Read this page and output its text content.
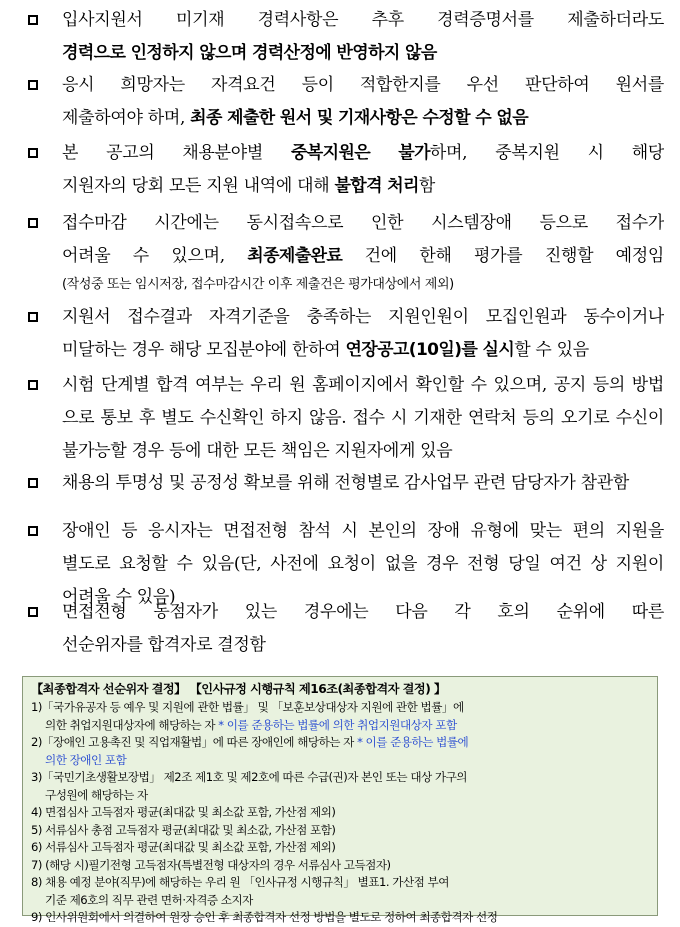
입사지원서 미기재 경력사항은 추후 경력증명서를 제출하더라도
경력으로 인정하지 않으며 경력산정에 반영하지 않음
응시 희망자는 자격요건 등이 적합한지를 우선 판단하여 원서를
제출하여야 하며, 최종 제출한 원서 및 기재사항은 수정할 수 없음
본 공고의 채용분야별 중복지원은 불가하며, 중복지원 시 해당
지원자의 당회 모든 지원 내역에 대해 불합격 처리함
접수마감 시간에는 동시접속으로 인한 시스템장애 등으로 접수가
어려울 수 있으며, 최종제출완료 건에 한해 평가를 진행할 예정임
(작성중 또는 임시저장, 접수마감시간 이후 제출건은 평가대상에서 제외)
지원서 접수결과 자격기준을 충족하는 지원인원이 모집인원과 동수이거나
미달하는 경우 해당 모집분야에 한하여 연장공고(10일)를 실시할 수 있음
시험 단계별 합격 여부는 우리 원 홈페이지에서 확인할 수 있으며, 공지 등의 방법
으로 통보 후 별도 수신확인 하지 않음. 접수 시 기재한 연락처 등의 오기로 수신이
불가능할 경우 등에 대한 모든 책임은 지원자에게 있음
채용의 투명성 및 공정성 확보를 위해 전형별로 감사업무 관련 담당자가 참관함
장애인 등 응시자는 면접전형 참석 시 본인의 장애 유형에 맞는 편의 지원을
별도로 요청할 수 있음(단, 사전에 요청이 없을 경우 전형 당일 여건 상 지원이
어려울 수 있음)
면접전형 동점자가 있는 경우에는 다음 각 호의 순위에 따른
선순위자를 합격자로 결정함
【최종합격자 선순위자 결정】 【인사규정 시행규칙 제16조(최종합격자 결정) 】
1)「국가유공자 등 예우 및 지원에 관한 법률」 및 「보훈보상대상자 지원에 관한 법률」에
의한 취업지원대상자에 해당하는 자 * 이를 준용하는 법률에 의한 취업지원대상자 포함
2)「장애인 고용촉진 및 직업재활법」에 따른 장애인에 해당하는 자 * 이를 준용하는 법률에
의한 장애인 포함
3)「국민기초생활보장법」 제2조 제1호 및 제2호에 따른 수급(권)자 본인 또는 대상 가구의
구성원에 해당하는 자
4) 면접심사 고득점자 평균(최대값 및 최소값 포함, 가산점 제외)
5) 서류심사 총점 고득점자 평균(최대값 및 최소값, 가산점 포함)
6) 서류심사 고득점자 평균(최대값 및 최소값 포함, 가산점 제외)
7) (해당 시)필기전형 고득점자(특별전형 대상자의 경우 서류심사 고득점자)
8) 채용 예정 분야(직무)에 해당하는 우리 원 「인사규정 시행규칙」 별표1. 가산점 부여
기준 제6호의 직무 관련 면허·자격증 소지자
9) 인사위원회에서 의결하여 원장 승인 후 최종합격자 선정 방법을 별도로 정하여 최종합격자 선정
